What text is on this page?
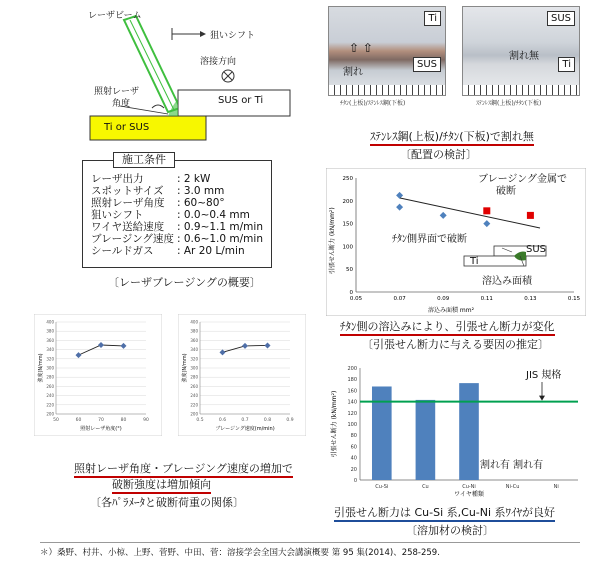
レーザビーム
狙いシフト
溶接方向
照射レーザ
角度	SUS or Ti
Ti or SUS
施工条件
レーザ出力	: 2 kW
スポットサイズ : 3.0 mm
照射レーザ角度 : 60~80°
狙いシフト	: 0.0~0.4 mm
ワイヤ送給速度 : 0.9~1.1 m/min
ブレージング速度 : 0.6~1.0 m/min
シールドガス : Ar 20 L/min
〔レーザブレージングの概要〕
Ti
SUS
割れ
⇧ ⇧
SUS
Ti
割れ無
ﾁﾀﾝ(上板)/ｽﾃﾝﾚｽ鋼(下板)	ｽﾃﾝﾚｽ鋼(上板)/ﾁﾀﾝ(下板)
ｽﾃﾝﾚｽ鋼(上板)/ﾁﾀﾝ(下板)で割れ無
〔配置の検討〕
引張せん断力 (kN/mm²)
溶込み面積 mm²
0
50
100
150
200
250
0.05	0.07	0.09	0.11	0.13	0.15
ブレージング金属で
破断
ﾁﾀﾝ側界面で破断
SUS
Ti
溶込み面積
ﾁﾀﾝ側の溶込みにより、引張せん断力が変化
〔引張せん断力に与える要因の推定〕
200
220
240
260
280
300
320
340
360
380
400
50	60	70	80	90
照射レーザ角度(°)
強度(N/mm)
200
220
240
260
280
300
320
340
360
380
400
0.5	0.6	0.7	0.8	0.9
ブレージング速度(m/min)
強度(N/mm)
照射レーザ角度・ブレージング速度の増加で
破断強度は増加傾向
〔各ﾊﾟﾗﾒｰﾀと破断荷重の関係〕
0
20
40
60
80
100
120
140
160
180
200
引張せん断力 (kN/mm²)
ワイヤ種類
Cu-Si	Cu	Cu-Ni	Ni-Cu	Ni
JIS 規格
割れ有 割れ有
引張せん断力は Cu-Si 系,Cu-Ni 系ﾜｲﾔが良好
〔溶加材の検討〕
＊）桑野、村井、小椋、上野、菅野、中田、菅：溶接学会全国大会講演概要 第 95 集(2014)、258-259.
